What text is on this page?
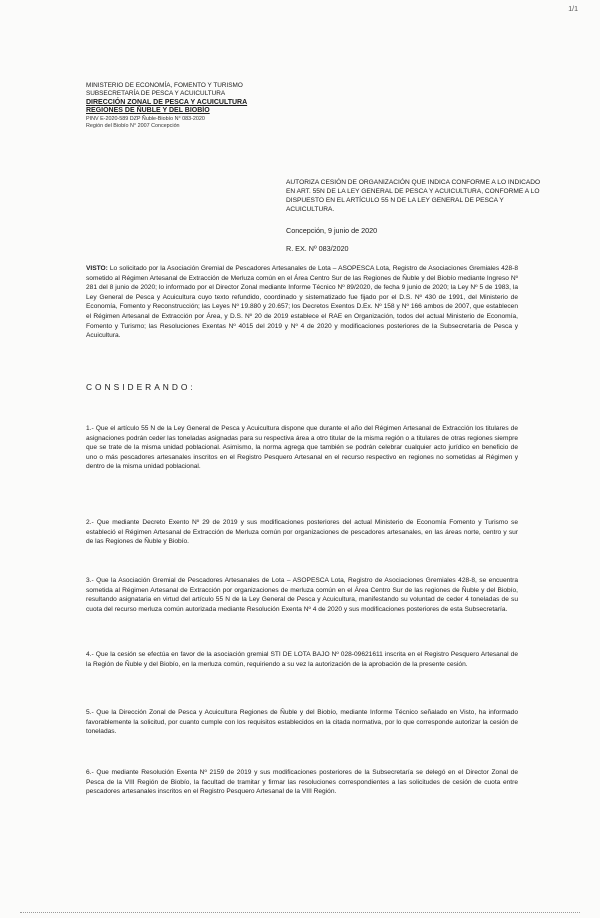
1/1
MINISTERIO DE ECONOMÍA, FOMENTO Y TURISMO
SUBSECRETARÍA DE PESCA Y ACUICULTURA
DIRECCIÓN ZONAL DE PESCA Y ACUICULTURA
REGIONES DE ÑUBLE Y DEL BIOBÍO
PINV E-2020-589 DZP Ñuble-Biobío N° 083-2020
Región del Biobío N° 2007 Concepción
AUTORIZA CESIÓN DE ORGANIZACIÓN QUE INDICA CONFORME A LO INDICADO EN ART. 55N DE LA LEY GENERAL DE PESCA Y ACUICULTURA, CONFORME A LO DISPUESTO EN EL ARTÍCULO 55 N DE LA LEY GENERAL DE PESCA Y ACUICULTURA.
Concepción, 9 junio de 2020
R. EX. Nº 083/2020
VISTO: Lo solicitado por la Asociación Gremial de Pescadores Artesanales de Lota – ASOPESCA Lota, Registro de Asociaciones Gremiales 428-8 sometido al Régimen Artesanal de Extracción de Merluza común en el Área Centro Sur de las Regiones de Ñuble y del Biobío mediante Ingreso Nº 281 del 8 junio de 2020; lo informado por el Director Zonal mediante Informe Técnico Nº 89/2020, de fecha 9 junio de 2020; la Ley Nº 5 de 1983, la Ley General de Pesca y Acuicultura cuyo texto refundido, coordinado y sistematizado fue fijado por el D.S. Nº 430 de 1991, del Ministerio de Economía, Fomento y Reconstrucción; las Leyes Nº 19.880 y 20.657; los Decretos Exentos D.Ex. Nº 158 y Nº 166 ambos de 2007, que establecen el Régimen Artesanal de Extracción por Área, y D.S. Nº 20 de 2019 establece el RAE en Organización, todos del actual Ministerio de Economía, Fomento y Turismo; las Resoluciones Exentas Nº 4015 del 2019 y Nº 4 de 2020 y modificaciones posteriores de la Subsecretaría de Pesca y Acuicultura.
CONSIDERANDO:
1.- Que el artículo 55 N de la Ley General de Pesca y Acuicultura dispone que durante el año del Régimen Artesanal de Extracción los titulares de asignaciones podrán ceder las toneladas asignadas para su respectiva área a otro titular de la misma región o a titulares de otras regiones siempre que se trate de la misma unidad poblacional. Asimismo, la norma agrega que también se podrán celebrar cualquier acto jurídico en beneficio de uno o más pescadores artesanales inscritos en el Registro Pesquero Artesanal en el recurso respectivo en regiones no sometidas al Régimen y dentro de la misma unidad poblacional.
2.- Que mediante Decreto Exento Nº 29 de 2019 y sus modificaciones posteriores del actual Ministerio de Economía Fomento y Turismo se estableció el Régimen Artesanal de Extracción de Merluza común por organizaciones de pescadores artesanales, en las áreas norte, centro y sur de las Regiones de Ñuble y Biobío.
3.- Que la Asociación Gremial de Pescadores Artesanales de Lota – ASOPESCA Lota, Registro de Asociaciones Gremiales 428-8, se encuentra sometida al Régimen Artesanal de Extracción por organizaciones de merluza común en el Área Centro Sur de las regiones de Ñuble y del Biobío, resultando asignataria en virtud del artículo 55 N de la Ley General de Pesca y Acuicultura, manifestando su voluntad de ceder 4 toneladas de su cuota del recurso merluza común autorizada mediante Resolución Exenta Nº 4 de 2020 y sus modificaciones posteriores de esta Subsecretaría.
4.- Que la cesión se efectúa en favor de la asociación gremial STI DE LOTA BAJO Nº 028-09621611 inscrita en el Registro Pesquero Artesanal de la Región de Ñuble y del Biobío, en la merluza común, requiriendo a su vez la autorización de la aprobación de la presente cesión.
5.- Que la Dirección Zonal de Pesca y Acuicultura Regiones de Ñuble y del Biobío, mediante Informe Técnico señalado en Visto, ha informado favorablemente la solicitud, por cuanto cumple con los requisitos establecidos en la citada normativa, por lo que corresponde autorizar la cesión de toneladas.
6.- Que mediante Resolución Exenta Nº 2159 de 2019 y sus modificaciones posteriores de la Subsecretaría se delegó en el Director Zonal de Pesca de la VIII Región de Biobío, la facultad de tramitar y firmar las resoluciones correspondientes a las solicitudes de cesión de cuota entre pescadores artesanales inscritos en el Registro Pesquero Artesanal de la VIII Región.
